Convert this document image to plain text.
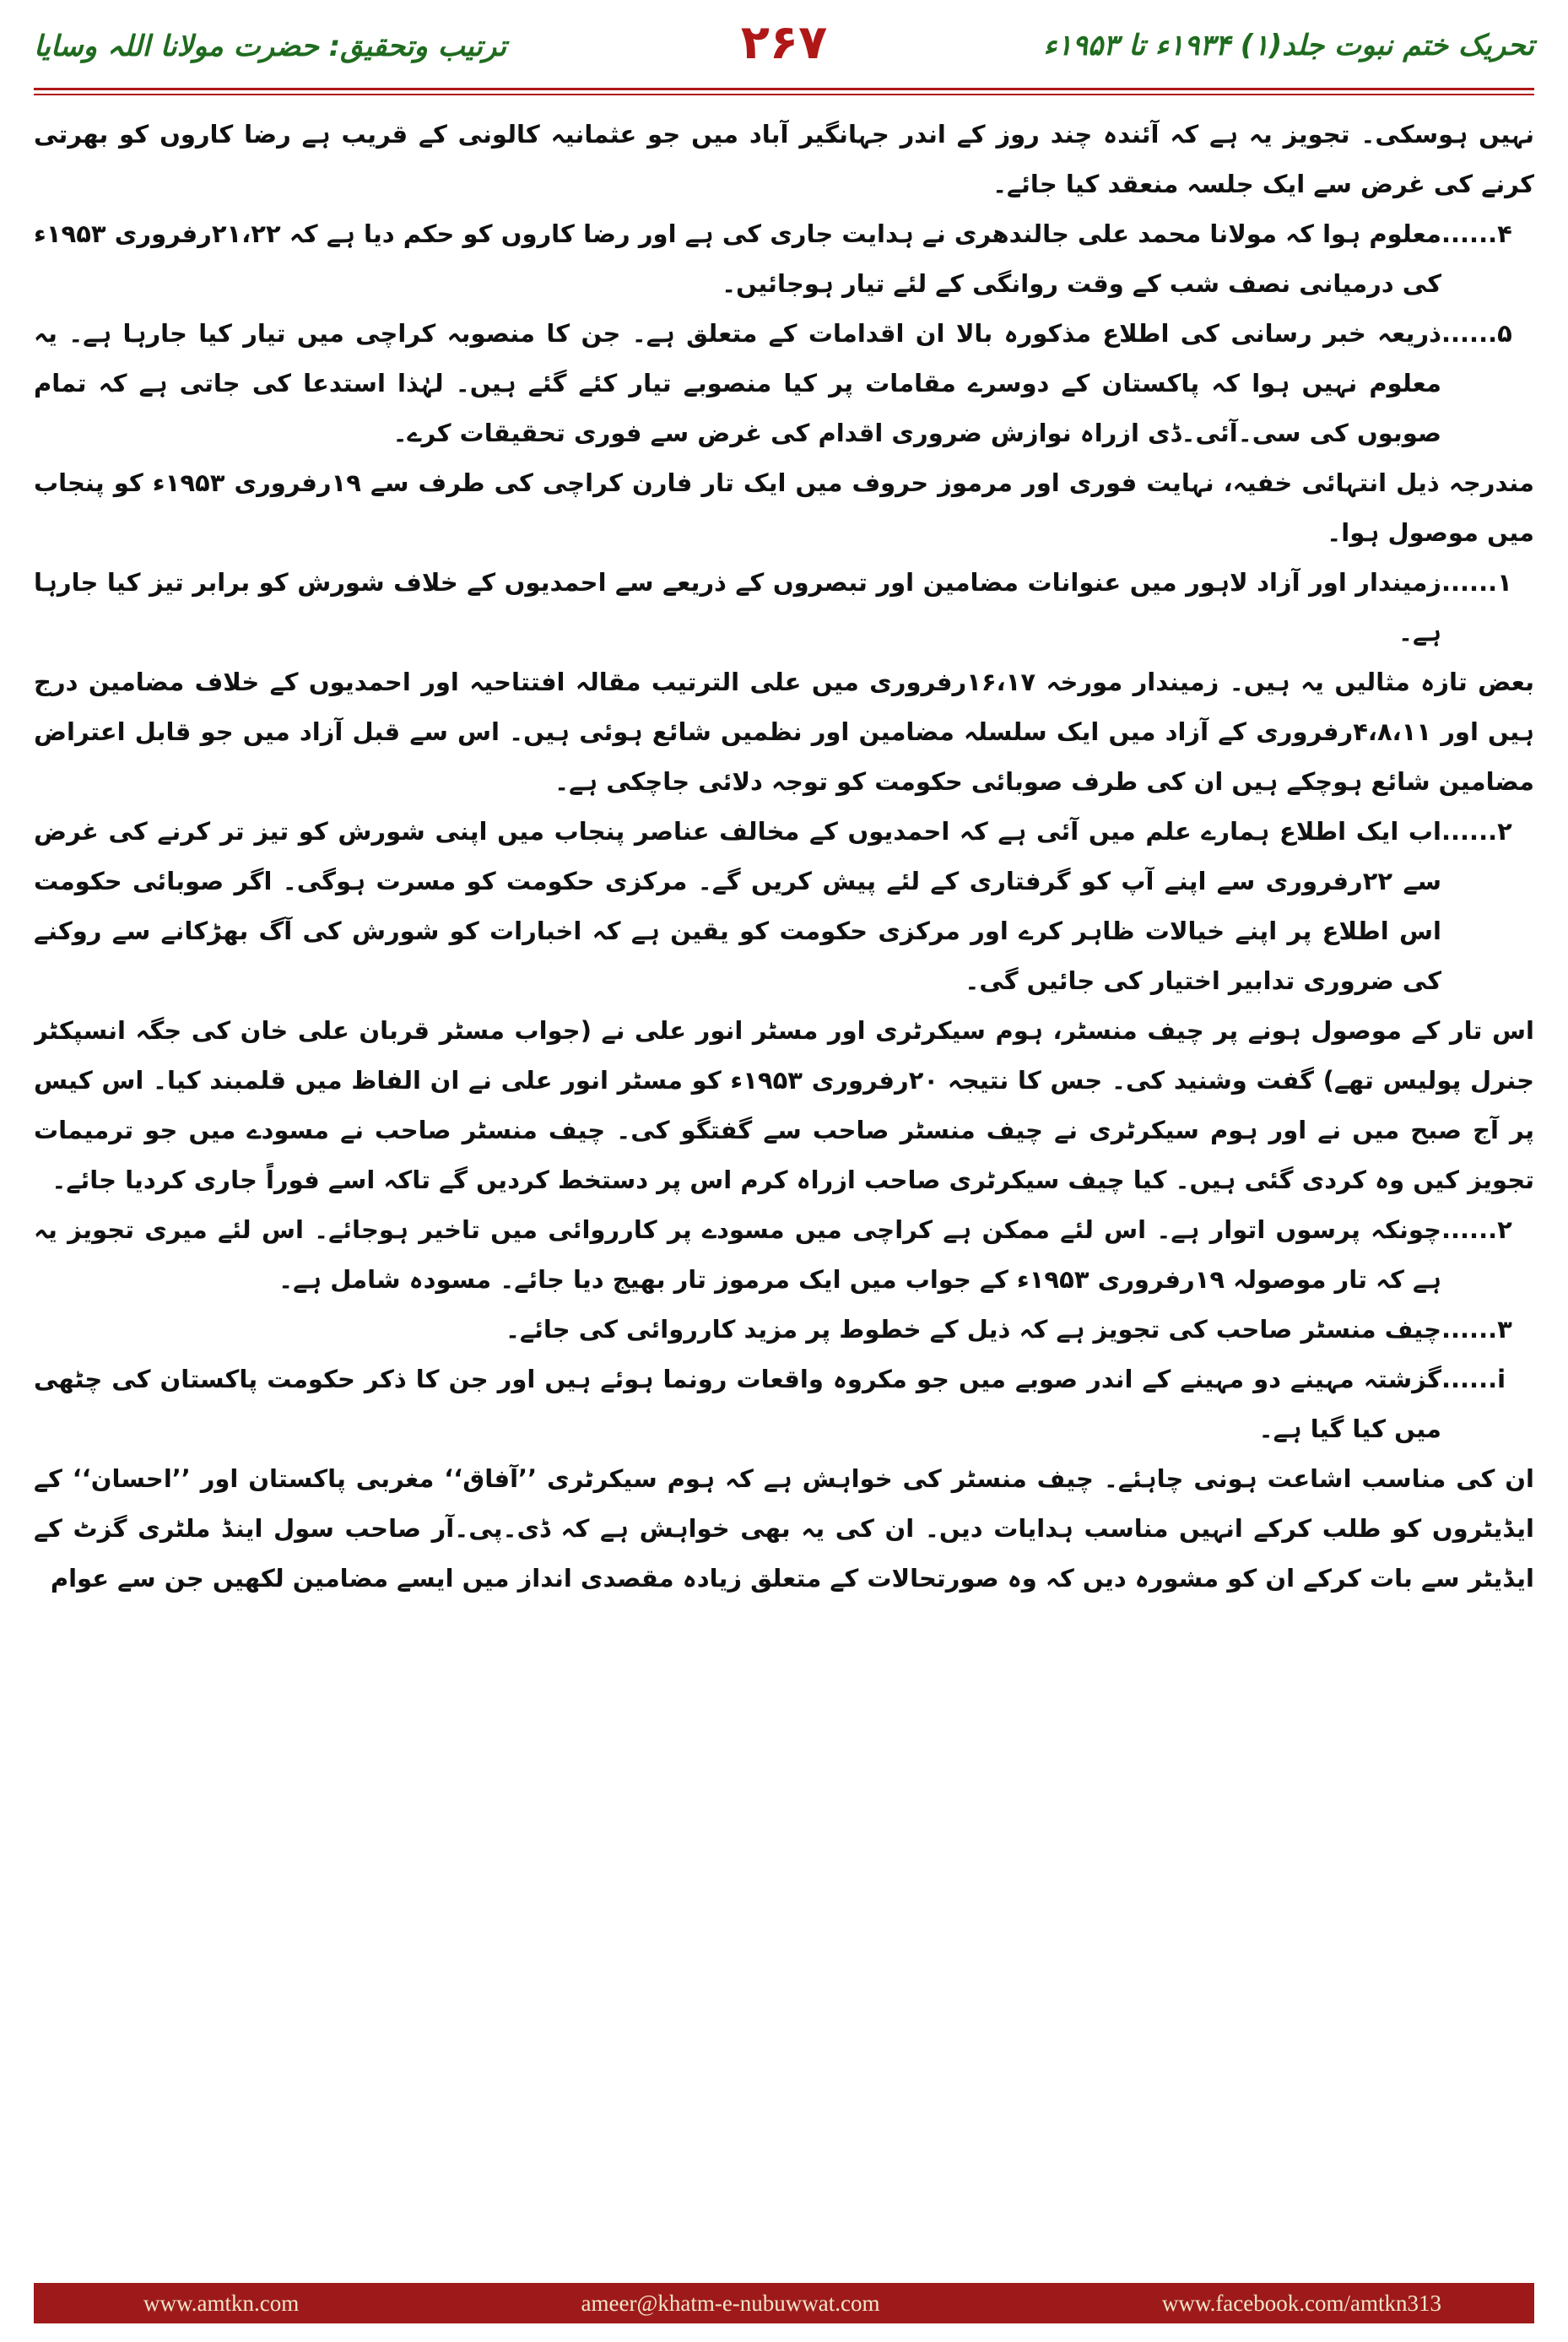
تحریک ختم نبوت جلد(۱) ۱۹۳۴ء تا ۱۹۵۳ء
۲۶۷
ترتیب وتحقیق: حضرت مولانا اللہ وسایا

نہیں ہوسکی۔ تجویز یہ ہے کہ آئندہ چند روز کے اندر جہانگیر آباد میں جو عثمانیہ کالونی کے قریب ہے رضا کاروں کو بھرتی کرنے کی غرض سے ایک جلسہ منعقد کیا جائے۔

۴......
معلوم ہوا کہ مولانا محمد علی جالندھری نے ہدایت جاری کی ہے اور رضا کاروں کو حکم دیا ہے کہ ۲۱،۲۲رفروری ۱۹۵۳ء کی درمیانی نصف شب کے وقت روانگی کے لئے تیار ہوجائیں۔
۵......
ذریعہ خبر رسانی کی اطلاع مذکورہ بالا ان اقدامات کے متعلق ہے۔ جن کا منصوبہ کراچی میں تیار کیا جارہا ہے۔ یہ معلوم نہیں ہوا کہ پاکستان کے دوسرے مقامات پر کیا منصوبے تیار کئے گئے ہیں۔ لہٰذا استدعا کی جاتی ہے کہ تمام صوبوں کی سی۔آئی۔ڈی ازراہ نوازش ضروری اقدام کی غرض سے فوری تحقیقات کرے۔

مندرجہ ذیل انتہائی خفیہ، نہایت فوری اور مرموز حروف میں ایک تار فارن کراچی کی طرف سے ۱۹رفروری ۱۹۵۳ء کو پنجاب میں موصول ہوا۔

۱......
زمیندار اور آزاد لاہور میں عنوانات مضامین اور تبصروں کے ذریعے سے احمدیوں کے خلاف شورش کو برابر تیز کیا جارہا ہے۔

بعض تازہ مثالیں یہ ہیں۔ زمیندار مورخہ ۱۶،۱۷رفروری میں علی الترتیب مقالہ افتتاحیہ اور احمدیوں کے خلاف مضامین درج ہیں اور ۴،۸،۱۱رفروری کے آزاد میں ایک سلسلہ مضامین اور نظمیں شائع ہوئی ہیں۔ اس سے قبل آزاد میں جو قابل اعتراض مضامین شائع ہوچکے ہیں ان کی طرف صوبائی حکومت کو توجہ دلائی جاچکی ہے۔

۲......
اب ایک اطلاع ہمارے علم میں آئی ہے کہ احمدیوں کے مخالف عناصر پنجاب میں اپنی شورش کو تیز تر کرنے کی غرض سے ۲۲رفروری سے اپنے آپ کو گرفتاری کے لئے پیش کریں گے۔ مرکزی حکومت کو مسرت ہوگی۔ اگر صوبائی حکومت اس اطلاع پر اپنے خیالات ظاہر کرے اور مرکزی حکومت کو یقین ہے کہ اخبارات کو شورش کی آگ بھڑکانے سے روکنے کی ضروری تدابیر اختیار کی جائیں گی۔

اس تار کے موصول ہونے پر چیف منسٹر، ہوم سیکرٹری اور مسٹر انور علی نے (جواب مسٹر قربان علی خان کی جگہ انسپکٹر جنرل پولیس تھے) گفت وشنید کی۔ جس کا نتیجہ ۲۰رفروری ۱۹۵۳ء کو مسٹر انور علی نے ان الفاظ میں قلمبند کیا۔ اس کیس پر آج صبح میں نے اور ہوم سیکرٹری نے چیف منسٹر صاحب سے گفتگو کی۔ چیف منسٹر صاحب نے مسودے میں جو ترمیمات تجویز کیں وہ کردی گئی ہیں۔ کیا چیف سیکرٹری صاحب ازراہ کرم اس پر دستخط کردیں گے تاکہ اسے فوراً جاری کردیا جائے۔

۲......
چونکہ پرسوں اتوار ہے۔ اس لئے ممکن ہے کراچی میں مسودے پر کارروائی میں تاخیر ہوجائے۔ اس لئے میری تجویز یہ ہے کہ تار موصولہ ۱۹رفروری ۱۹۵۳ء کے جواب میں ایک مرموز تار بھیج دیا جائے۔ مسودہ شامل ہے۔
۳......
چیف منسٹر صاحب کی تجویز ہے کہ ذیل کے خطوط پر مزید کارروائی کی جائے۔
i......
گزشتہ مہینے دو مہینے کے اندر صوبے میں جو مکروہ واقعات رونما ہوئے ہیں اور جن کا ذکر حکومت پاکستان کی چٹھی میں کیا گیا ہے۔

ان کی مناسب اشاعت ہونی چاہئے۔ چیف منسٹر کی خواہش ہے کہ ہوم سیکرٹری ’’آفاق‘‘ مغربی پاکستان اور ’’احسان‘‘ کے ایڈیٹروں کو طلب کرکے انہیں مناسب ہدایات دیں۔ ان کی یہ بھی خواہش ہے کہ ڈی۔پی۔آر صاحب سول اینڈ ملٹری گزٹ کے ایڈیٹر سے بات کرکے ان کو مشورہ دیں کہ وہ صورتحالات کے متعلق زیادہ مقصدی انداز میں ایسے مضامین لکھیں جن سے عوام

www.amtkn.com	ameer@khatm-e-nubuwwat.com	www.facebook.com/amtkn313
